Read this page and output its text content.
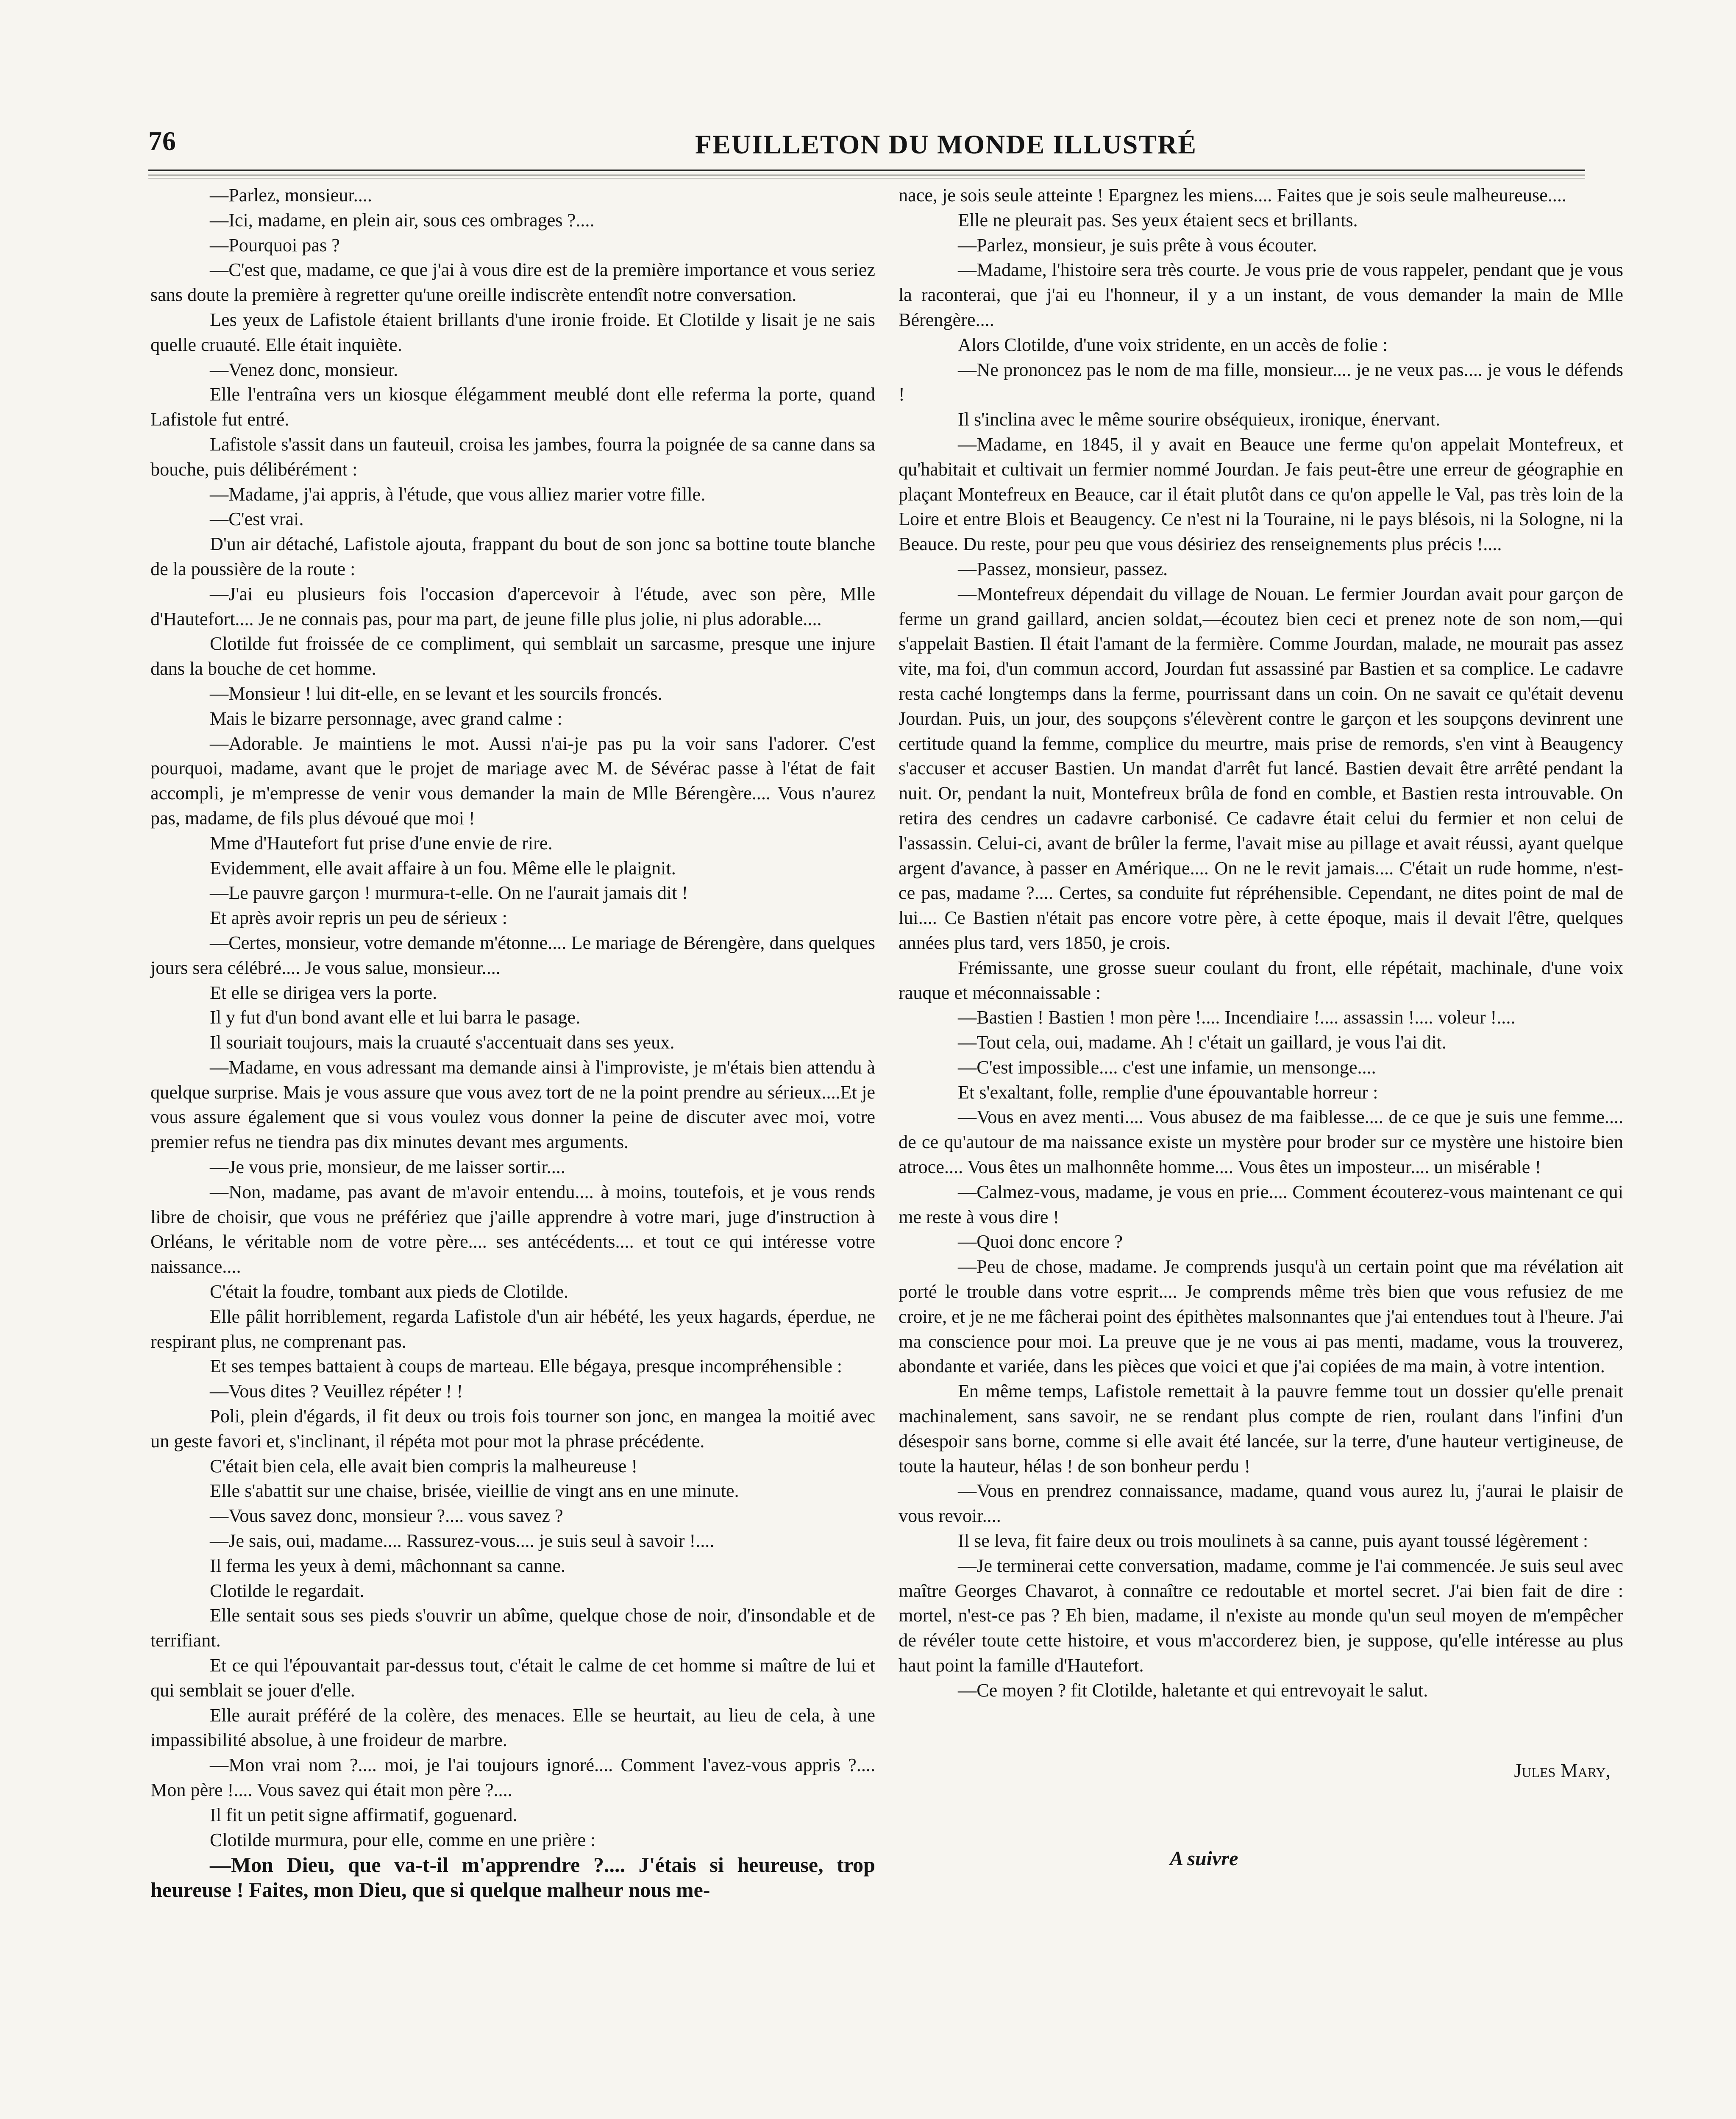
76	FEUILLETON DU MONDE ILLUSTRÉ

—Parlez, monsieur....

—Ici, madame, en plein air, sous ces ombrages ?....

—Pourquoi pas ?

—C'est que, madame, ce que j'ai à vous dire est de la première importance et vous seriez sans doute la première à regretter qu'une oreille indiscrète entendît notre conversation.

Les yeux de Lafistole étaient brillants d'une ironie froide. Et Clotilde y lisait je ne sais quelle cruauté. Elle était inquiète.

—Venez donc, monsieur.

Elle l'entraîna vers un kiosque élégamment meublé dont elle referma la porte, quand Lafistole fut entré.

Lafistole s'assit dans un fauteuil, croisa les jambes, fourra la poignée de sa canne dans sa bouche, puis délibérément :

—Madame, j'ai appris, à l'étude, que vous alliez marier votre fille.

—C'est vrai.

D'un air détaché, Lafistole ajouta, frappant du bout de son jonc sa bottine toute blanche de la poussière de la route :

—J'ai eu plusieurs fois l'occasion d'apercevoir à l'étude, avec son père, Mlle d'Hautefort.... Je ne connais pas, pour ma part, de jeune fille plus jolie, ni plus adorable....

Clotilde fut froissée de ce compliment, qui semblait un sarcasme, presque une injure dans la bouche de cet homme.

—Monsieur ! lui dit-elle, en se levant et les sourcils froncés.

Mais le bizarre personnage, avec grand calme :

—Adorable. Je maintiens le mot. Aussi n'ai-je pas pu la voir sans l'adorer. C'est pourquoi, madame, avant que le projet de mariage avec M. de Sévérac passe à l'état de fait accompli, je m'empresse de venir vous demander la main de Mlle Bérengère.... Vous n'aurez pas, madame, de fils plus dévoué que moi !

Mme d'Hautefort fut prise d'une envie de rire.

Evidemment, elle avait affaire à un fou. Même elle le plaignit.

—Le pauvre garçon ! murmura-t-elle. On ne l'aurait jamais dit !

Et après avoir repris un peu de sérieux :

—Certes, monsieur, votre demande m'étonne.... Le mariage de Bérengère, dans quelques jours sera célébré.... Je vous salue, monsieur....

Et elle se dirigea vers la porte.

Il y fut d'un bond avant elle et lui barra le pasage.

Il souriait toujours, mais la cruauté s'accentuait dans ses yeux.

—Madame, en vous adressant ma demande ainsi à l'improviste, je m'étais bien attendu à quelque surprise. Mais je vous assure que vous avez tort de ne la point prendre au sérieux....Et je vous assure également que si vous voulez vous donner la peine de discuter avec moi, votre premier refus ne tiendra pas dix minutes devant mes arguments.

—Je vous prie, monsieur, de me laisser sortir....

—Non, madame, pas avant de m'avoir entendu.... à moins, toutefois, et je vous rends libre de choisir, que vous ne préfériez que j'aille apprendre à votre mari, juge d'instruction à Orléans, le véritable nom de votre père.... ses antécédents.... et tout ce qui intéresse votre naissance....

C'était la foudre, tombant aux pieds de Clotilde.

Elle pâlit horriblement, regarda Lafistole d'un air hébété, les yeux hagards, éperdue, ne respirant plus, ne comprenant pas.

Et ses tempes battaient à coups de marteau. Elle bégaya, presque incompréhensible :

—Vous dites ? Veuillez répéter ! !

Poli, plein d'égards, il fit deux ou trois fois tourner son jonc, en mangea la moitié avec un geste favori et, s'inclinant, il répéta mot pour mot la phrase précédente.

C'était bien cela, elle avait bien compris la malheureuse !

Elle s'abattit sur une chaise, brisée, vieillie de vingt ans en une minute.

—Vous savez donc, monsieur ?.... vous savez ?

—Je sais, oui, madame.... Rassurez-vous.... je suis seul à savoir !....

Il ferma les yeux à demi, mâchonnant sa canne.

Clotilde le regardait.

Elle sentait sous ses pieds s'ouvrir un abîme, quelque chose de noir, d'insondable et de terrifiant.

Et ce qui l'épouvantait par-dessus tout, c'était le calme de cet homme si maître de lui et qui semblait se jouer d'elle.

Elle aurait préféré de la colère, des menaces. Elle se heurtait, au lieu de cela, à une impassibilité absolue, à une froideur de marbre.

—Mon vrai nom ?.... moi, je l'ai toujours ignoré.... Comment l'avez-vous appris ?.... Mon père !.... Vous savez qui était mon père ?....

Il fit un petit signe affirmatif, goguenard.

Clotilde murmura, pour elle, comme en une prière :

—Mon Dieu, que va-t-il m'apprendre ?.... J'étais si heureuse, trop heureuse ! Faites, mon Dieu, que si quelque malheur nous me-

nace, je sois seule atteinte ! Epargnez les miens.... Faites que je sois seule malheureuse....

Elle ne pleurait pas. Ses yeux étaient secs et brillants.

—Parlez, monsieur, je suis prête à vous écouter.

—Madame, l'histoire sera très courte. Je vous prie de vous rappeler, pendant que je vous la raconterai, que j'ai eu l'honneur, il y a un instant, de vous demander la main de Mlle Bérengère....

Alors Clotilde, d'une voix stridente, en un accès de folie :

—Ne prononcez pas le nom de ma fille, monsieur.... je ne veux pas.... je vous le défends !

Il s'inclina avec le même sourire obséquieux, ironique, énervant.

—Madame, en 1845, il y avait en Beauce une ferme qu'on appelait Montefreux, et qu'habitait et cultivait un fermier nommé Jourdan. Je fais peut-être une erreur de géographie en plaçant Montefreux en Beauce, car il était plutôt dans ce qu'on appelle le Val, pas très loin de la Loire et entre Blois et Beaugency. Ce n'est ni la Touraine, ni le pays blésois, ni la Sologne, ni la Beauce. Du reste, pour peu que vous désiriez des renseignements plus précis !....

—Passez, monsieur, passez.

—Montefreux dépendait du village de Nouan. Le fermier Jourdan avait pour garçon de ferme un grand gaillard, ancien soldat,—écoutez bien ceci et prenez note de son nom,—qui s'appelait Bastien. Il était l'amant de la fermière. Comme Jourdan, malade, ne mourait pas assez vite, ma foi, d'un commun accord, Jourdan fut assassiné par Bastien et sa complice. Le cadavre resta caché longtemps dans la ferme, pourrissant dans un coin. On ne savait ce qu'était devenu Jourdan. Puis, un jour, des soupçons s'élevèrent contre le garçon et les soupçons devinrent une certitude quand la femme, complice du meurtre, mais prise de remords, s'en vint à Beaugency s'accuser et accuser Bastien. Un mandat d'arrêt fut lancé. Bastien devait être arrêté pendant la nuit. Or, pendant la nuit, Montefreux brûla de fond en comble, et Bastien resta introuvable. On retira des cendres un cadavre carbonisé. Ce cadavre était celui du fermier et non celui de l'assassin. Celui-ci, avant de brûler la ferme, l'avait mise au pillage et avait réussi, ayant quelque argent d'avance, à passer en Amérique.... On ne le revit jamais.... C'était un rude homme, n'est-ce pas, madame ?.... Certes, sa conduite fut répréhensible. Cependant, ne dites point de mal de lui.... Ce Bastien n'était pas encore votre père, à cette époque, mais il devait l'être, quelques années plus tard, vers 1850, je crois.

Frémissante, une grosse sueur coulant du front, elle répétait, machinale, d'une voix rauque et méconnaissable :

—Bastien ! Bastien ! mon père !.... Incendiaire !.... assassin !.... voleur !....

—Tout cela, oui, madame. Ah ! c'était un gaillard, je vous l'ai dit.

—C'est impossible.... c'est une infamie, un mensonge....

Et s'exaltant, folle, remplie d'une épouvantable horreur :

—Vous en avez menti.... Vous abusez de ma faiblesse.... de ce que je suis une femme.... de ce qu'autour de ma naissance existe un mystère pour broder sur ce mystère une histoire bien atroce.... Vous êtes un malhonnête homme.... Vous êtes un imposteur.... un misérable !

—Calmez-vous, madame, je vous en prie.... Comment écouterez-vous maintenant ce qui me reste à vous dire !

—Quoi donc encore ?

—Peu de chose, madame. Je comprends jusqu'à un certain point que ma révélation ait porté le trouble dans votre esprit.... Je comprends même très bien que vous refusiez de me croire, et je ne me fâcherai point des épithètes malsonnantes que j'ai entendues tout à l'heure. J'ai ma conscience pour moi. La preuve que je ne vous ai pas menti, madame, vous la trouverez, abondante et variée, dans les pièces que voici et que j'ai copiées de ma main, à votre intention.

En même temps, Lafistole remettait à la pauvre femme tout un dossier qu'elle prenait machinalement, sans savoir, ne se rendant plus compte de rien, roulant dans l'infini d'un désespoir sans borne, comme si elle avait été lancée, sur la terre, d'une hauteur vertigineuse, de toute la hauteur, hélas ! de son bonheur perdu !

—Vous en prendrez connaissance, madame, quand vous aurez lu, j'aurai le plaisir de vous revoir....

Il se leva, fit faire deux ou trois moulinets à sa canne, puis ayant toussé légèrement :

—Je terminerai cette conversation, madame, comme je l'ai commencée. Je suis seul avec maître Georges Chavarot, à connaître ce redoutable et mortel secret. J'ai bien fait de dire : mortel, n'est-ce pas ? Eh bien, madame, il n'existe au monde qu'un seul moyen de m'empêcher de révéler toute cette histoire, et vous m'accorderez bien, je suppose, qu'elle intéresse au plus haut point la famille d'Hautefort.

—Ce moyen ? fit Clotilde, haletante et qui entrevoyait le salut.

Jules Mary,
A suivre
